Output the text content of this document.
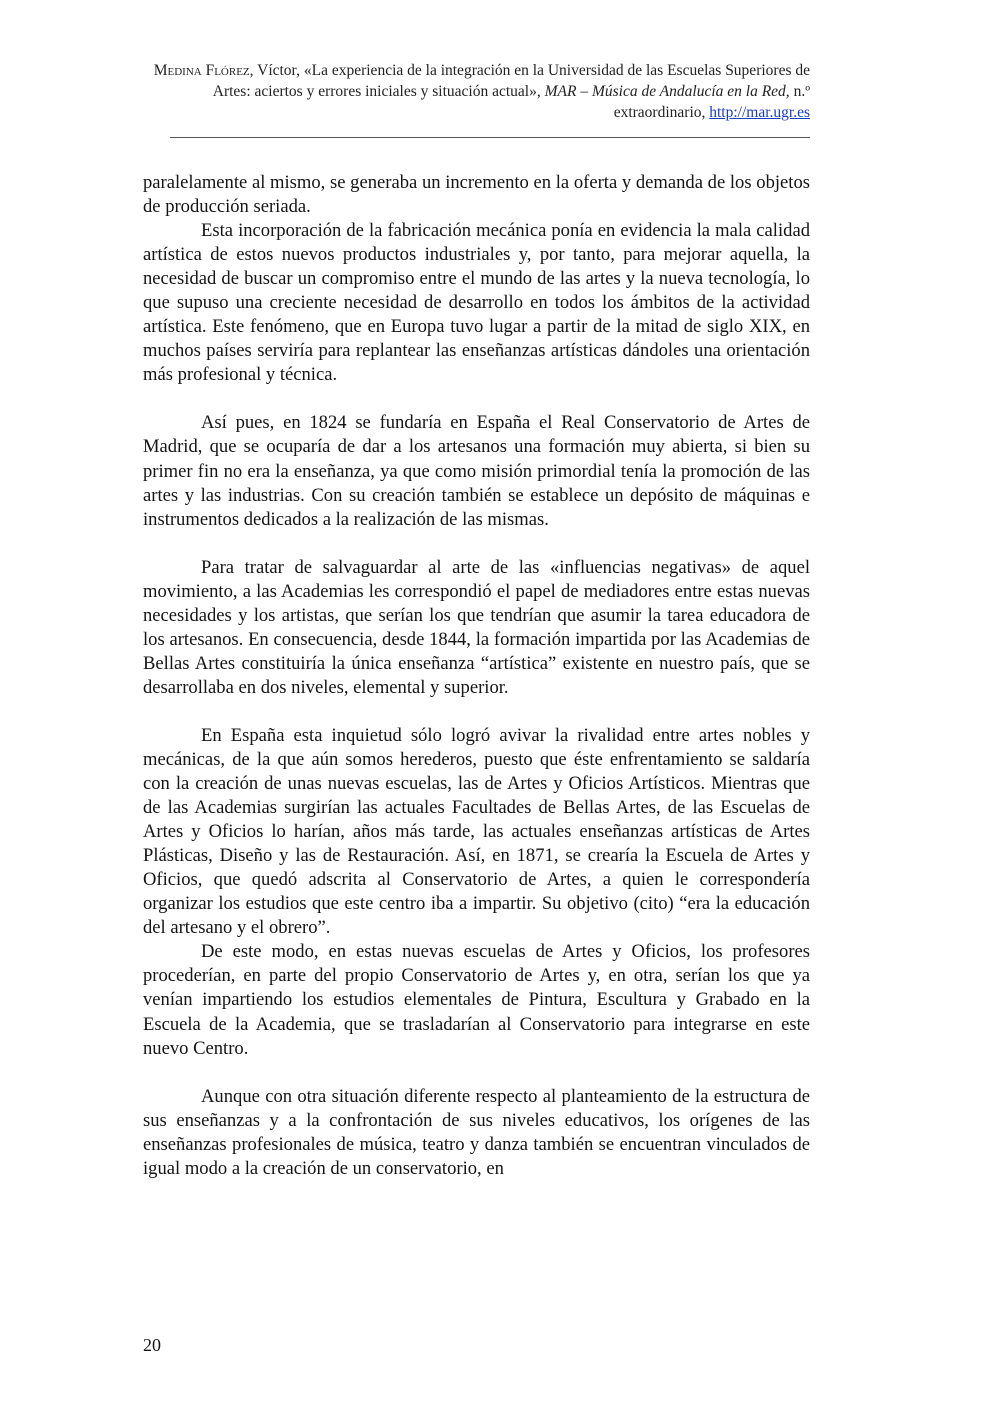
Medina Flórez, Víctor, «La experiencia de la integración en la Universidad de las Escuelas Superiores de Artes: aciertos y errores iniciales y situación actual», MAR – Música de Andalucía en la Red, n.º extraordinario, http://mar.ugr.es

paralelamente al mismo, se generaba un incremento en la oferta y demanda de los objetos de producción seriada.

Esta incorporación de la fabricación mecánica ponía en evidencia la mala calidad artística de estos nuevos productos industriales y, por tanto, para mejorar aquella, la necesidad de buscar un compromiso entre el mundo de las artes y la nueva tecnología, lo que supuso una creciente necesidad de desarrollo en todos los ámbitos de la actividad artística. Este fenómeno, que en Europa tuvo lugar a partir de la mitad de siglo XIX, en muchos países serviría para replantear las enseñanzas artísticas dándoles una orientación más profesional y técnica.

Así pues, en 1824 se fundaría en España el Real Conservatorio de Artes de Madrid, que se ocuparía de dar a los artesanos una formación muy abierta, si bien su primer fin no era la enseñanza, ya que como misión primordial tenía la promoción de las artes y las industrias. Con su creación también se establece un depósito de máquinas e instrumentos dedicados a la realización de las mismas.

Para tratar de salvaguardar al arte de las «influencias negativas» de aquel movimiento, a las Academias les correspondió el papel de mediadores entre estas nuevas necesidades y los artistas, que serían los que tendrían que asumir la tarea educadora de los artesanos. En consecuencia, desde 1844, la formación impartida por las Academias de Bellas Artes constituiría la única enseñanza “artística” existente en nuestro país, que se desarrollaba en dos niveles, elemental y superior.

En España esta inquietud sólo logró avivar la rivalidad entre artes nobles y mecánicas, de la que aún somos herederos, puesto que éste enfrentamiento se saldaría con la creación de unas nuevas escuelas, las de Artes y Oficios Artísticos. Mientras que de las Academias surgirían las actuales Facultades de Bellas Artes, de las Escuelas de Artes y Oficios lo harían, años más tarde, las actuales enseñanzas artísticas de Artes Plásticas, Diseño y las de Restauración. Así, en 1871, se crearía la Escuela de Artes y Oficios, que quedó adscrita al Conservatorio de Artes, a quien le correspondería organizar los estudios que este centro iba a impartir. Su objetivo (cito) “era la educación del artesano y el obrero”.

De este modo, en estas nuevas escuelas de Artes y Oficios, los profesores procederían, en parte del propio Conservatorio de Artes y, en otra, serían los que ya venían impartiendo los estudios elementales de Pintura, Escultura y Grabado en la Escuela de la Academia, que se trasladarían al Conservatorio para integrarse en este nuevo Centro.

Aunque con otra situación diferente respecto al planteamiento de la estructura de sus enseñanzas y a la confrontación de sus niveles educativos, los orígenes de las enseñanzas profesionales de música, teatro y danza también se encuentran vinculados de igual modo a la creación de un conservatorio, en

20
